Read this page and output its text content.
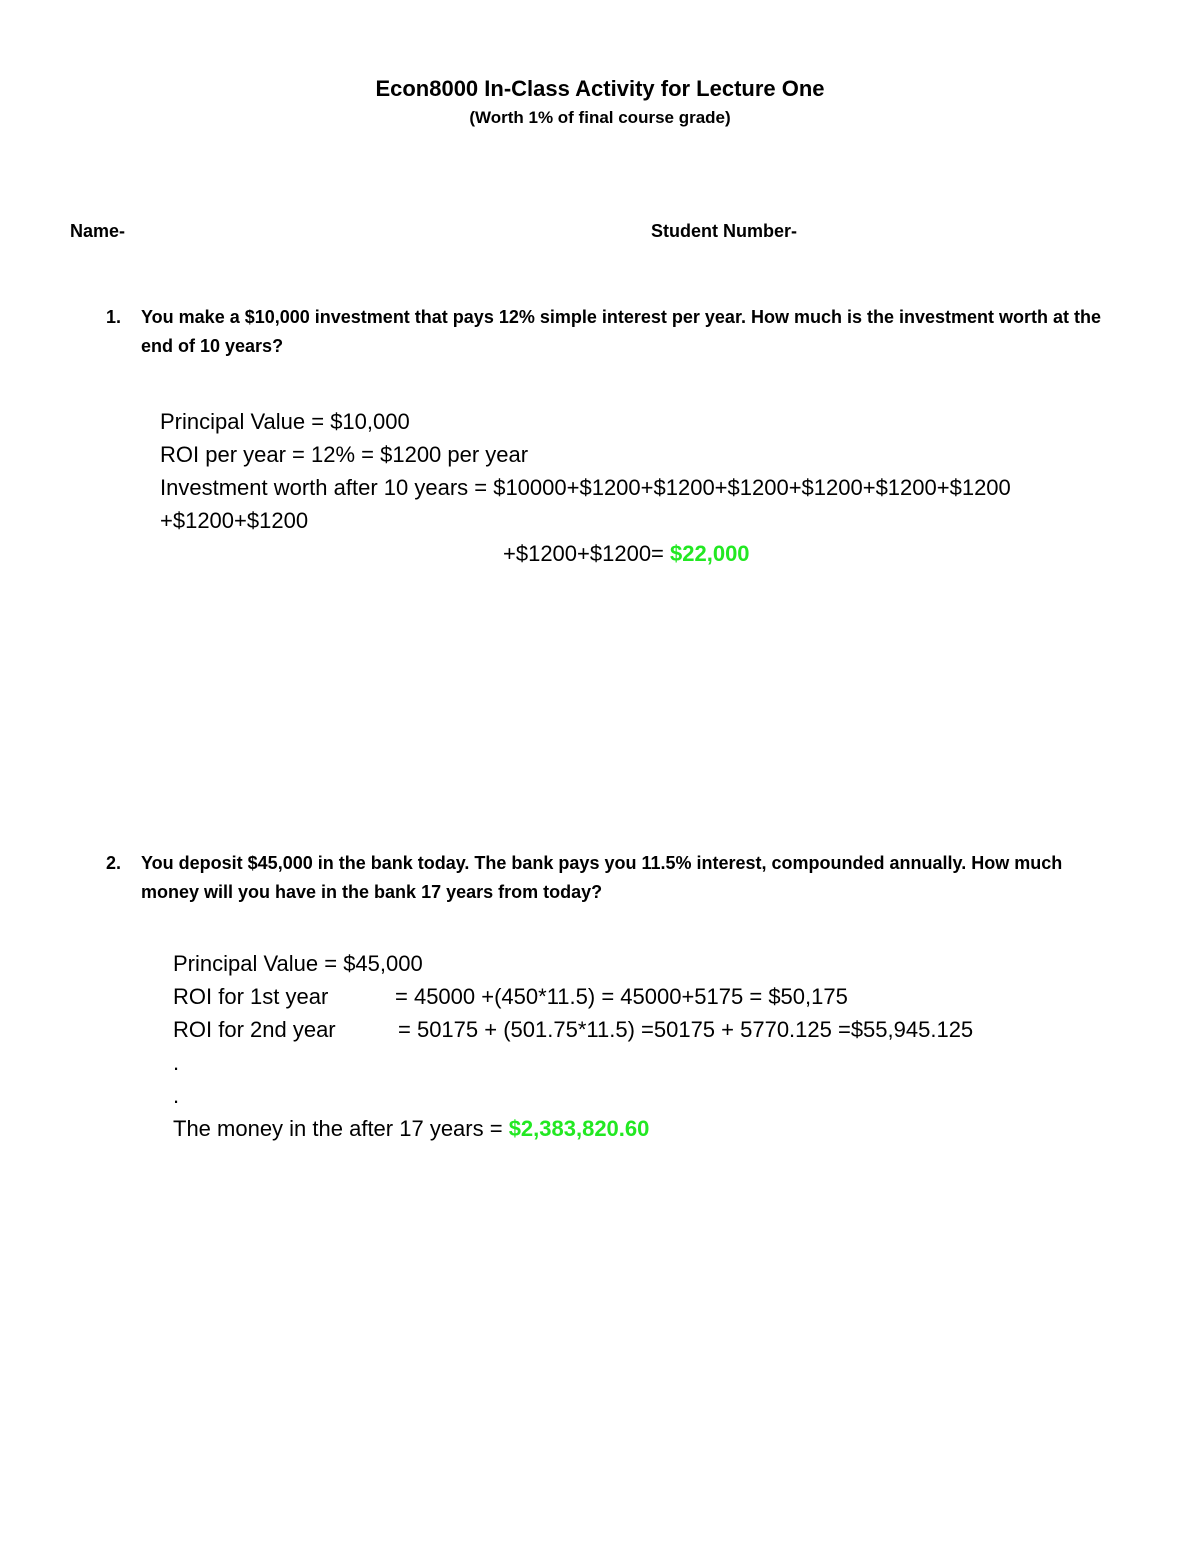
Econ8000 In-Class Activity for Lecture One
(Worth 1% of final course grade)
Name-	Student Number-
1. You make a $10,000 investment that pays 12% simple interest per year. How much is the investment worth at the end of 10 years?
Principal Value = $10,000
ROI per year = 12% = $1200 per year
Investment worth after 10 years = $10000+$1200+$1200+$1200+$1200+$1200+$1200
+$1200+$1200
+$1200+$1200= $22,000
2. You deposit $45,000 in the bank today. The bank pays you 11.5% interest, compounded annually. How much money will you have in the bank 17 years from today?
Principal Value = $45,000
ROI for 1st year	= 45000 +(450*11.5) = 45000+5175 = $50,175
ROI for 2nd year	= 50175 + (501.75*11.5) =50175 + 5770.125 =$55,945.125
.
.
The money in the after 17 years = $2,383,820.60
